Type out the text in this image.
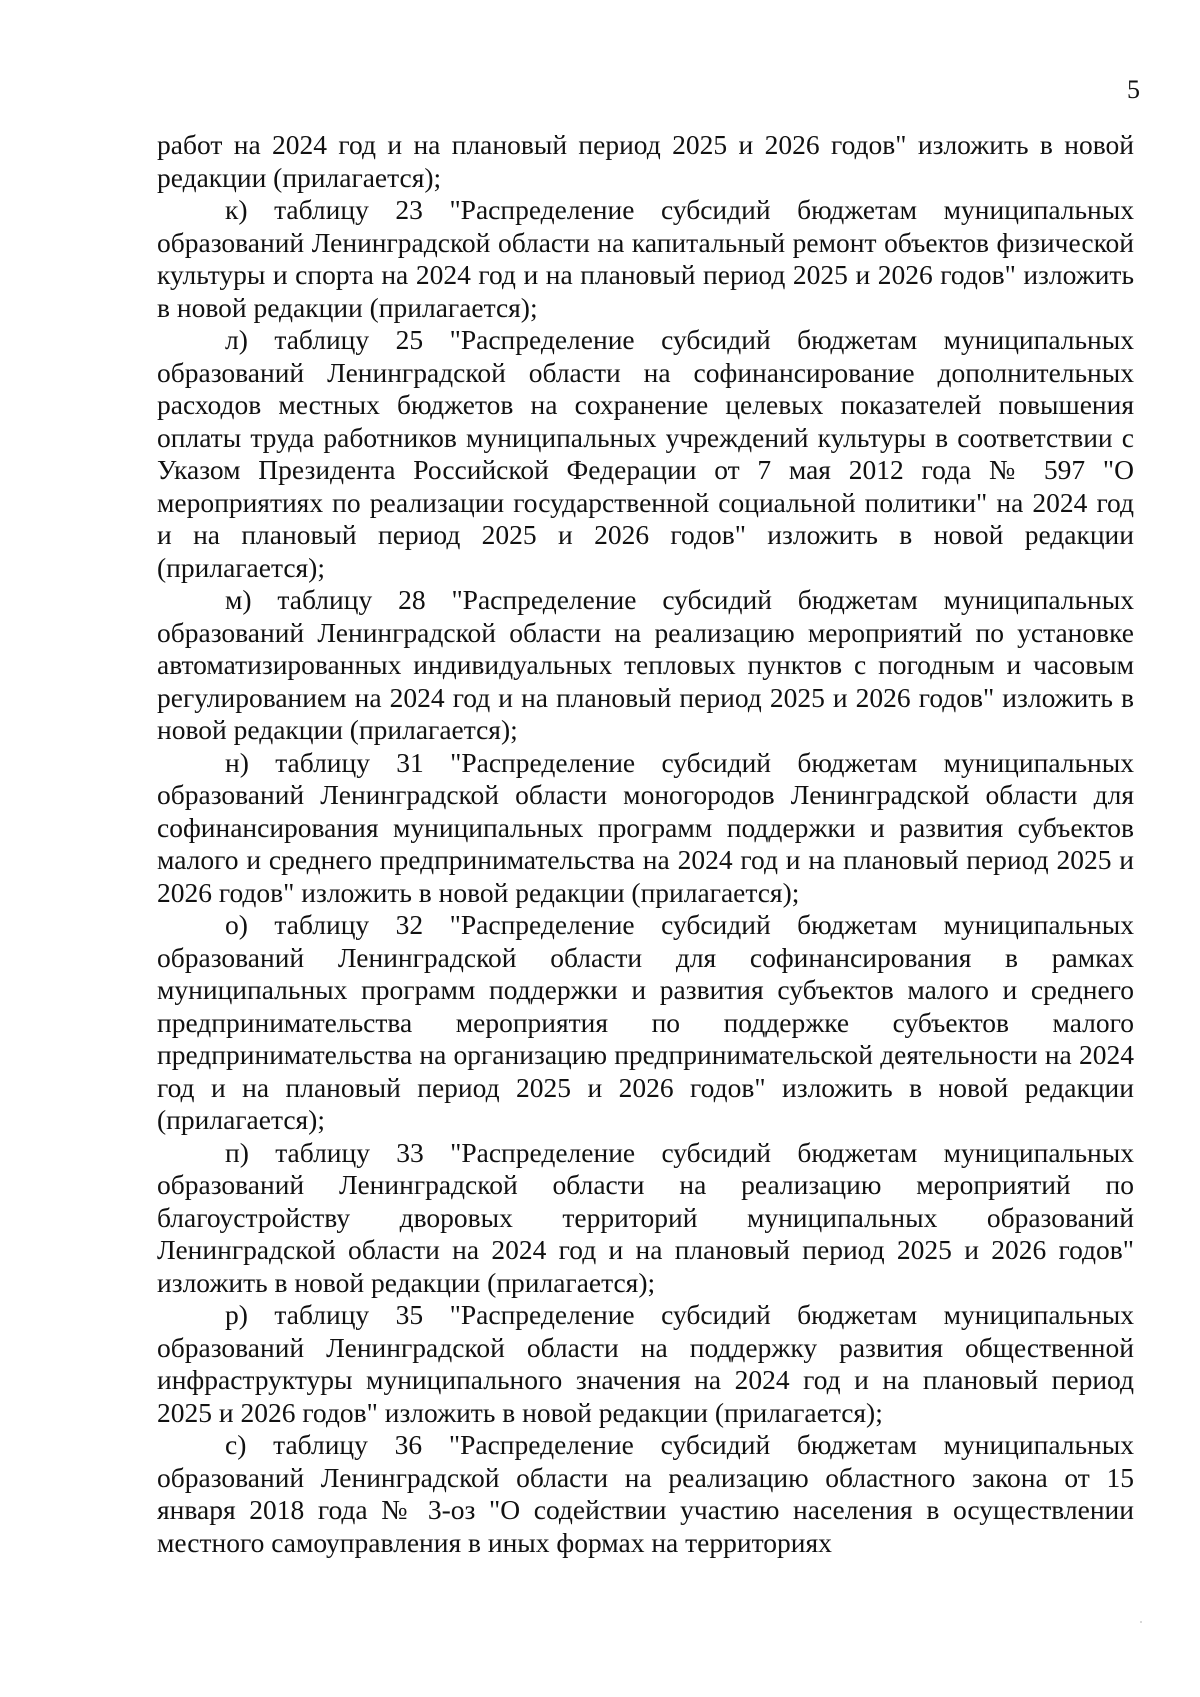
5

работ на 2024 год и на плановый период 2025 и 2026 годов" изложить в новой редакции (прилагается);

к) таблицу 23 "Распределение субсидий бюджетам муниципальных образований Ленинградской области на капитальный ремонт объектов физической культуры и спорта на 2024 год и на плановый период 2025 и 2026 годов" изложить в новой редакции (прилагается);

л) таблицу 25 "Распределение субсидий бюджетам муниципальных образований Ленинградской области на софинансирование дополнительных расходов местных бюджетов на сохранение целевых показателей повышения оплаты труда работников муниципальных учреждений культуры в соответствии с Указом Президента Российской Федерации от 7 мая 2012 года № 597 "О мероприятиях по реализации государственной социальной политики" на 2024 год и на плановый период 2025 и 2026 годов" изложить в новой редакции (прилагается);

м) таблицу 28 "Распределение субсидий бюджетам муниципальных образований Ленинградской области на реализацию мероприятий по установке автоматизированных индивидуальных тепловых пунктов с погодным и часовым регулированием на 2024 год и на плановый период 2025 и 2026 годов" изложить в новой редакции (прилагается);

н) таблицу 31 "Распределение субсидий бюджетам муниципальных образований Ленинградской области моногородов Ленинградской области для софинансирования муниципальных программ поддержки и развития субъектов малого и среднего предпринимательства на 2024 год и на плановый период 2025 и 2026 годов" изложить в новой редакции (прилагается);

о) таблицу 32 "Распределение субсидий бюджетам муниципальных образований Ленинградской области для софинансирования в рамках муниципальных программ поддержки и развития субъектов малого и среднего предпринимательства мероприятия по поддержке субъектов малого предпринимательства на организацию предпринимательской деятельности на 2024 год и на плановый период 2025 и 2026 годов" изложить в новой редакции (прилагается);

п) таблицу 33 "Распределение субсидий бюджетам муниципальных образований Ленинградской области на реализацию мероприятий по благоустройству дворовых территорий муниципальных образований Ленинградской области на 2024 год и на плановый период 2025 и 2026 годов" изложить в новой редакции (прилагается);

р) таблицу 35 "Распределение субсидий бюджетам муниципальных образований Ленинградской области на поддержку развития общественной инфраструктуры муниципального значения на 2024 год и на плановый период 2025 и 2026 годов" изложить в новой редакции (прилагается);

с) таблицу 36 "Распределение субсидий бюджетам муниципальных образований Ленинградской области на реализацию областного закона от 15 января 2018 года № 3-оз "О содействии участию населения в осуществлении местного самоуправления в иных формах на территориях
